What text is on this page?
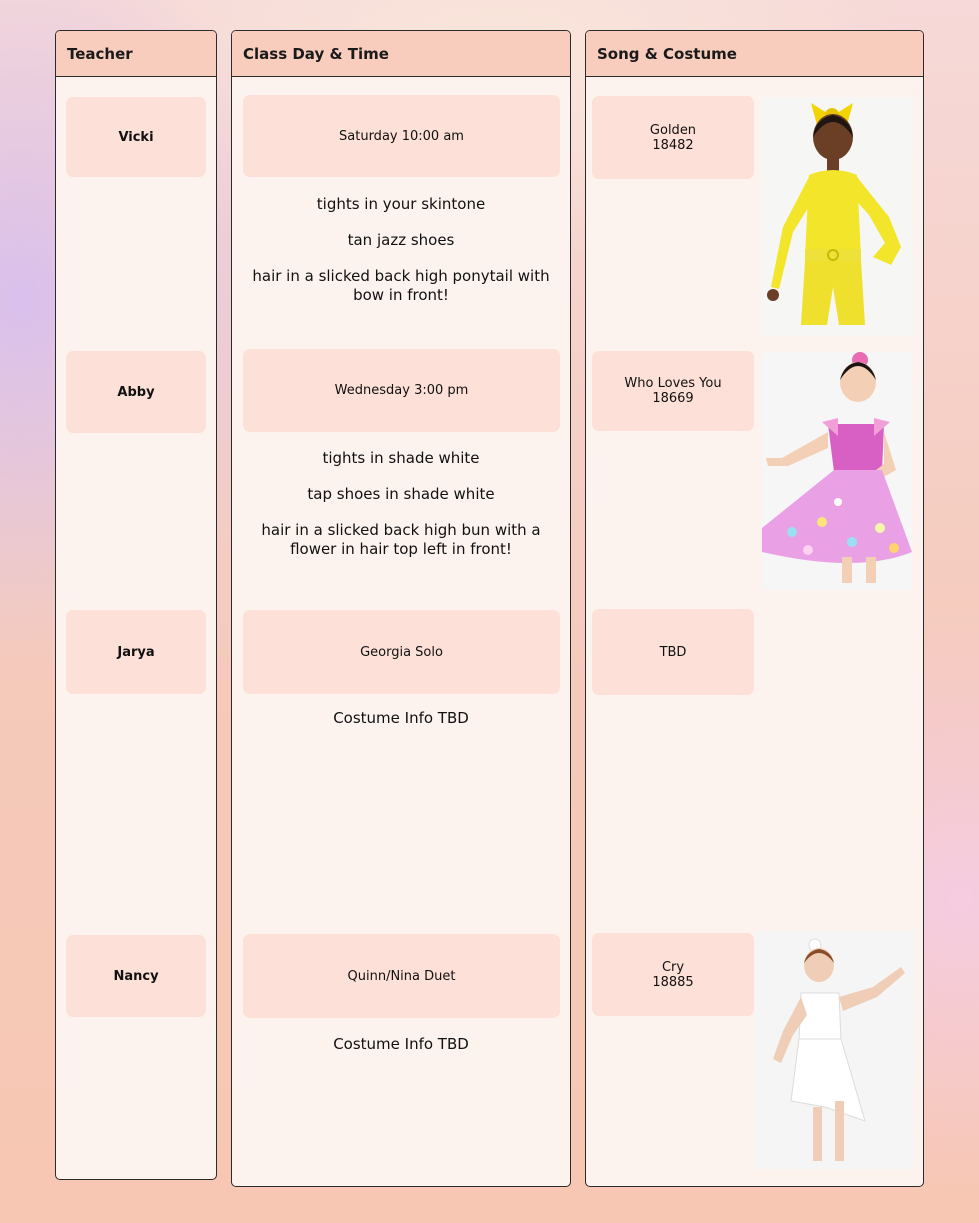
Teacher
Vicki
Abby
Jarya
Nancy
Class Day & Time
Saturday 10:00 am

tights in your skintone

tan jazz shoes

hair in a slicked back high ponytail with bow in front!

Wednesday 3:00 pm

tights in shade white

tap shoes in shade white

hair in a slicked back high bun with a flower in hair top left in front!

Georgia Solo

Costume Info TBD

Quinn/Nina Duet

Costume Info TBD

Song & Costume
Golden
18482
Who Loves You
18669
TBD
Cry
18885
